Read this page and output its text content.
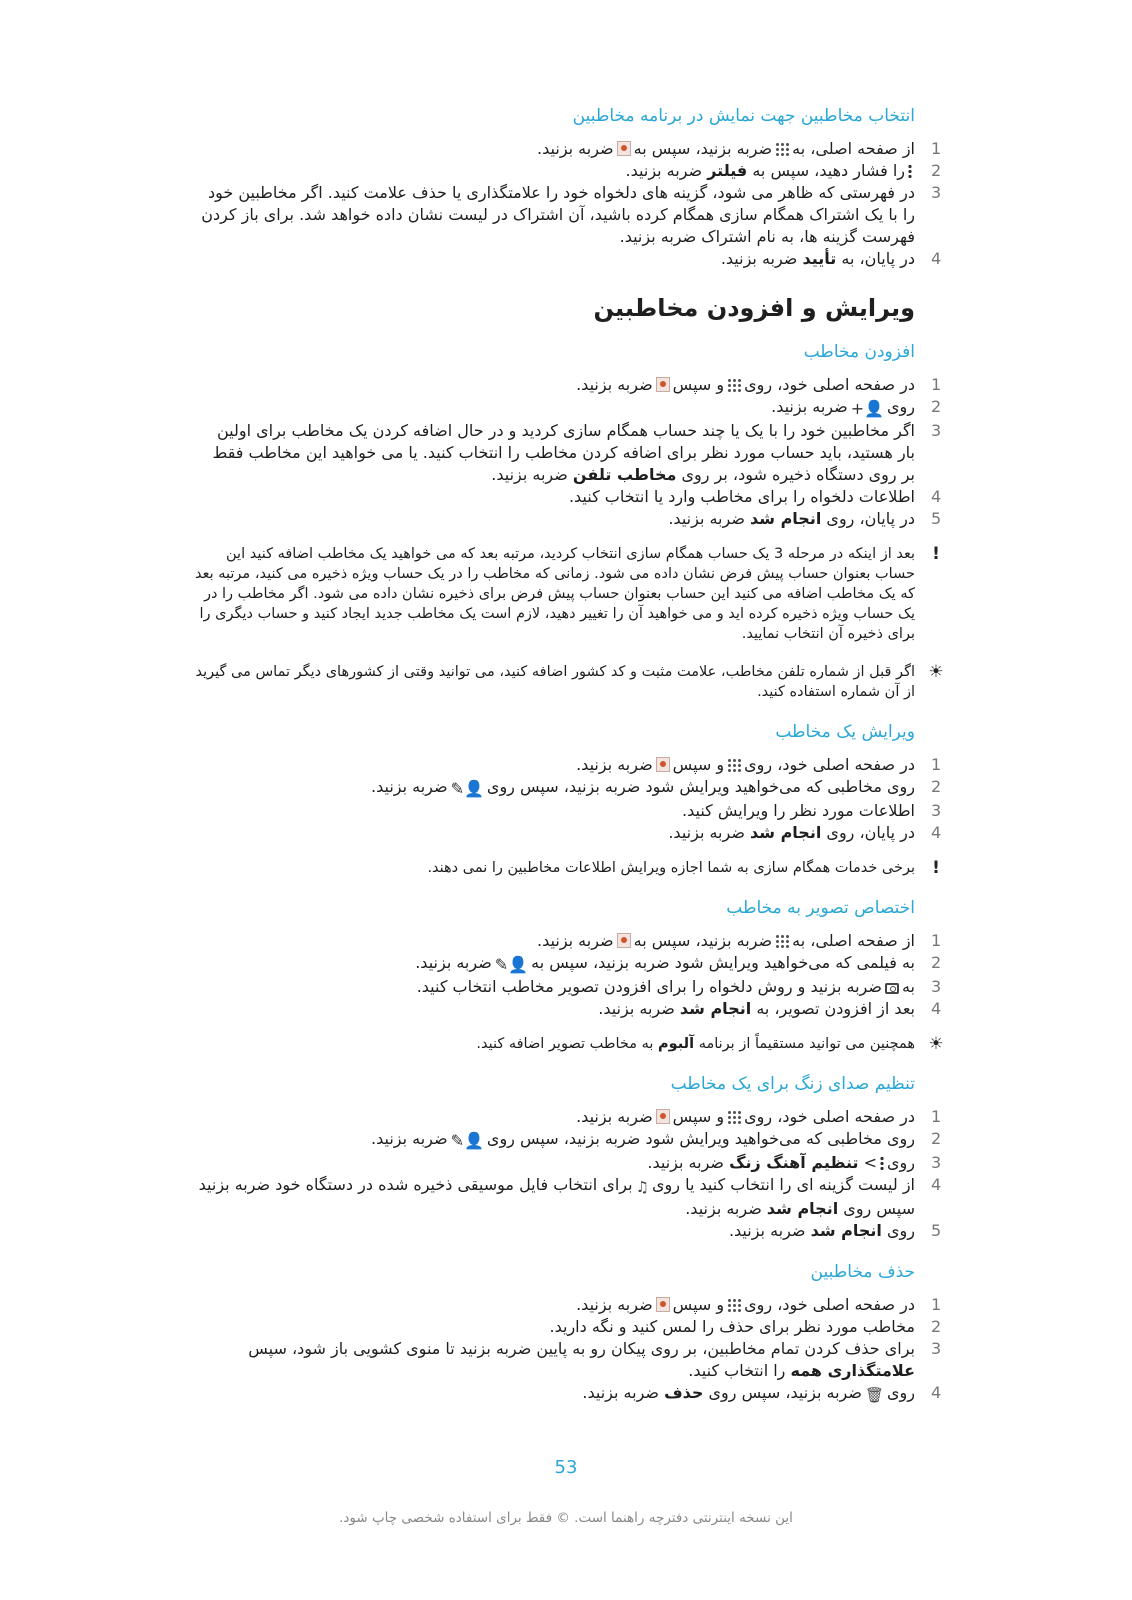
انتخاب مخاطبین جهت نمایش در برنامه مخاطبین
1
از صفحه اصلی، بهضربه بزنید، سپس بهضربه بزنید.
2
را فشار دهید، سپس به فیلتر ضربه بزنید.
3
در فهرستی که ظاهر می شود، گزینه های دلخواه خود را علامتگذاری یا حذف علامت کنید. اگر مخاطبین خود را با یک اشتراک همگام سازی همگام کرده باشید، آن اشتراک در لیست نشان داده خواهد شد. برای باز کردن فهرست گزینه ها، به نام اشتراک ضربه بزنید.
4
در پایان، به تأیید ضربه بزنید.
ویرایش و افزودن مخاطبین
افزودن مخاطب
1
در صفحه اصلی خود، رویو سپسضربه بزنید.
2
روی👤+ضربه بزنید.
3
اگر مخاطبین خود را با یک یا چند حساب همگام سازی کردید و در حال اضافه کردن یک مخاطب برای اولین بار هستید، باید حساب مورد نظر برای اضافه کردن مخاطب را انتخاب کنید. یا می خواهید این مخاطب فقط بر روی دستگاه ذخیره شود، بر روی مخاطب تلفن ضربه بزنید.
4
اطلاعات دلخواه را برای مخاطب وارد یا انتخاب کنید.
5
در پایان، روی انجام شد ضربه بزنید.
!
بعد از اینکه در مرحله 3 یک حساب همگام سازی انتخاب کردید، مرتبه بعد که می خواهید یک مخاطب اضافه کنید این حساب بعنوان حساب پیش فرض نشان داده می شود. زمانی که مخاطب را در یک حساب ویژه ذخیره می کنید، مرتبه بعد که یک مخاطب اضافه می کنید این حساب بعنوان حساب پیش فرض برای ذخیره نشان داده می شود. اگر مخاطب را در یک حساب ویژه ذخیره کرده اید و می خواهید آن را تغییر دهید، لازم است یک مخاطب جدید ایجاد کنید و حساب دیگری را برای ذخیره آن انتخاب نمایید.
☀
اگر قبل از شماره تلفن مخاطب، علامت مثبت و کد کشور اضافه کنید، می توانید وقتی از کشورهای دیگر تماس می گیرید از آن شماره استفاده کنید.
ویرایش یک مخاطب
1
در صفحه اصلی خود، رویو سپسضربه بزنید.
2
روی مخاطبی که می‌خواهید ویرایش شود ضربه بزنید، سپس روی👤✎ضربه بزنید.
3
اطلاعات مورد نظر را ویرایش کنید.
4
در پایان، روی انجام شد ضربه بزنید.
!
برخی خدمات همگام سازی به شما اجازه ویرایش اطلاعات مخاطبین را نمی دهند.
اختصاص تصویر به مخاطب
1
از صفحه اصلی، بهضربه بزنید، سپس بهضربه بزنید.
2
به فیلمی که می‌خواهید ویرایش شود ضربه بزنید، سپس به👤✎ضربه بزنید.
3
بهضربه بزنید و روش دلخواه را برای افزودن تصویر مخاطب انتخاب کنید.
4
بعد از افزودن تصویر، به انجام شد ضربه بزنید.
☀
همچنین می توانید مستقیماً از برنامه آلبوم به مخاطب تصویر اضافه کنید.
تنظیم صدای زنگ برای یک مخاطب
1
در صفحه اصلی خود، رویو سپسضربه بزنید.
2
روی مخاطبی که می‌خواهید ویرایش شود ضربه بزنید، سپس روی👤✎ضربه بزنید.
3
روی> تنظیم آهنگ زنگ ضربه بزنید.
4
از لیست گزینه ای را انتخاب کنید یا روی♫برای انتخاب فایل موسیقی ذخیره شده در دستگاه خود ضربه بزنید سپس روی انجام شد ضربه بزنید.
5
روی انجام شد ضربه بزنید.
حذف مخاطبین
1
در صفحه اصلی خود، رویو سپسضربه بزنید.
2
مخاطب مورد نظر برای حذف را لمس کنید و نگه دارید.
3
برای حذف کردن تمام مخاطبین، بر روی پیکان رو به پایین ضربه بزنید تا منوی کشویی باز شود، سپس علامتگذاری همه را انتخاب کنید.
4
روی🗑ضربه بزنید، سپس روی حذف ضربه بزنید.
53
این نسخه اینترنتی دفترچه راهنما است. © فقط برای استفاده شخصی چاپ شود.
